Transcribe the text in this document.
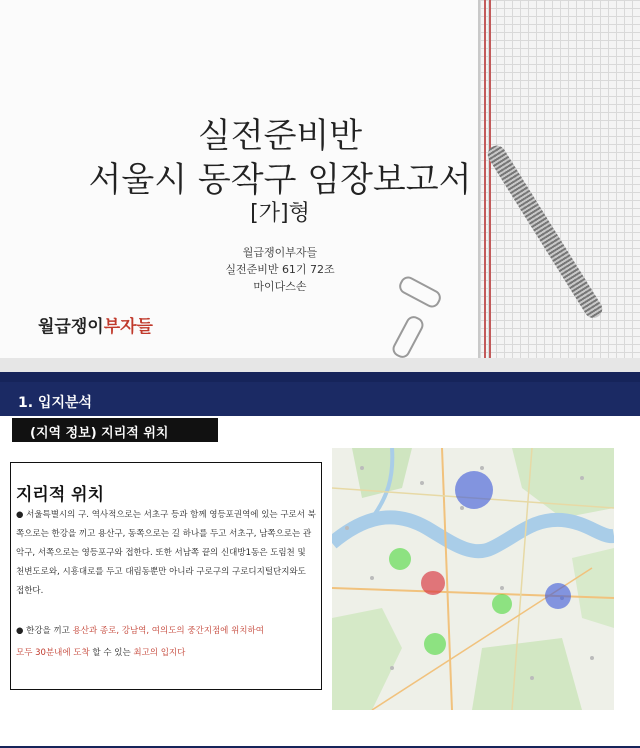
실전준비반
서울시 동작구 임장보고서
[가]형
월급쟁이부자들
실전준비반 61기 72조
마이다스손
월급쟁이부자들
1. 입지분석
(지역 정보) 지리적 위치
지리적 위치
● 서울특별시의 구. 역사적으로는 서초구 등과 함께 영등포권역에 있는 구로서 북쪽으로는 한강을 끼고 용산구, 동쪽으로는 길 하나를 두고 서초구, 남쪽으로는 관악구, 서쪽으로는 영등포구와 접한다. 또한 서남쪽 끝의 신대방1동은 도림천 및 천변도로와, 시흥대로를 두고 대림동뿐만 아니라 구로구의 구로디지털단지와도 접한다.
● 한강을 끼고 용산과 종로, 강남역, 여의도의 중간지점에 위치하여
모두 30분내에 도착 할 수 있는 최고의 입지다
